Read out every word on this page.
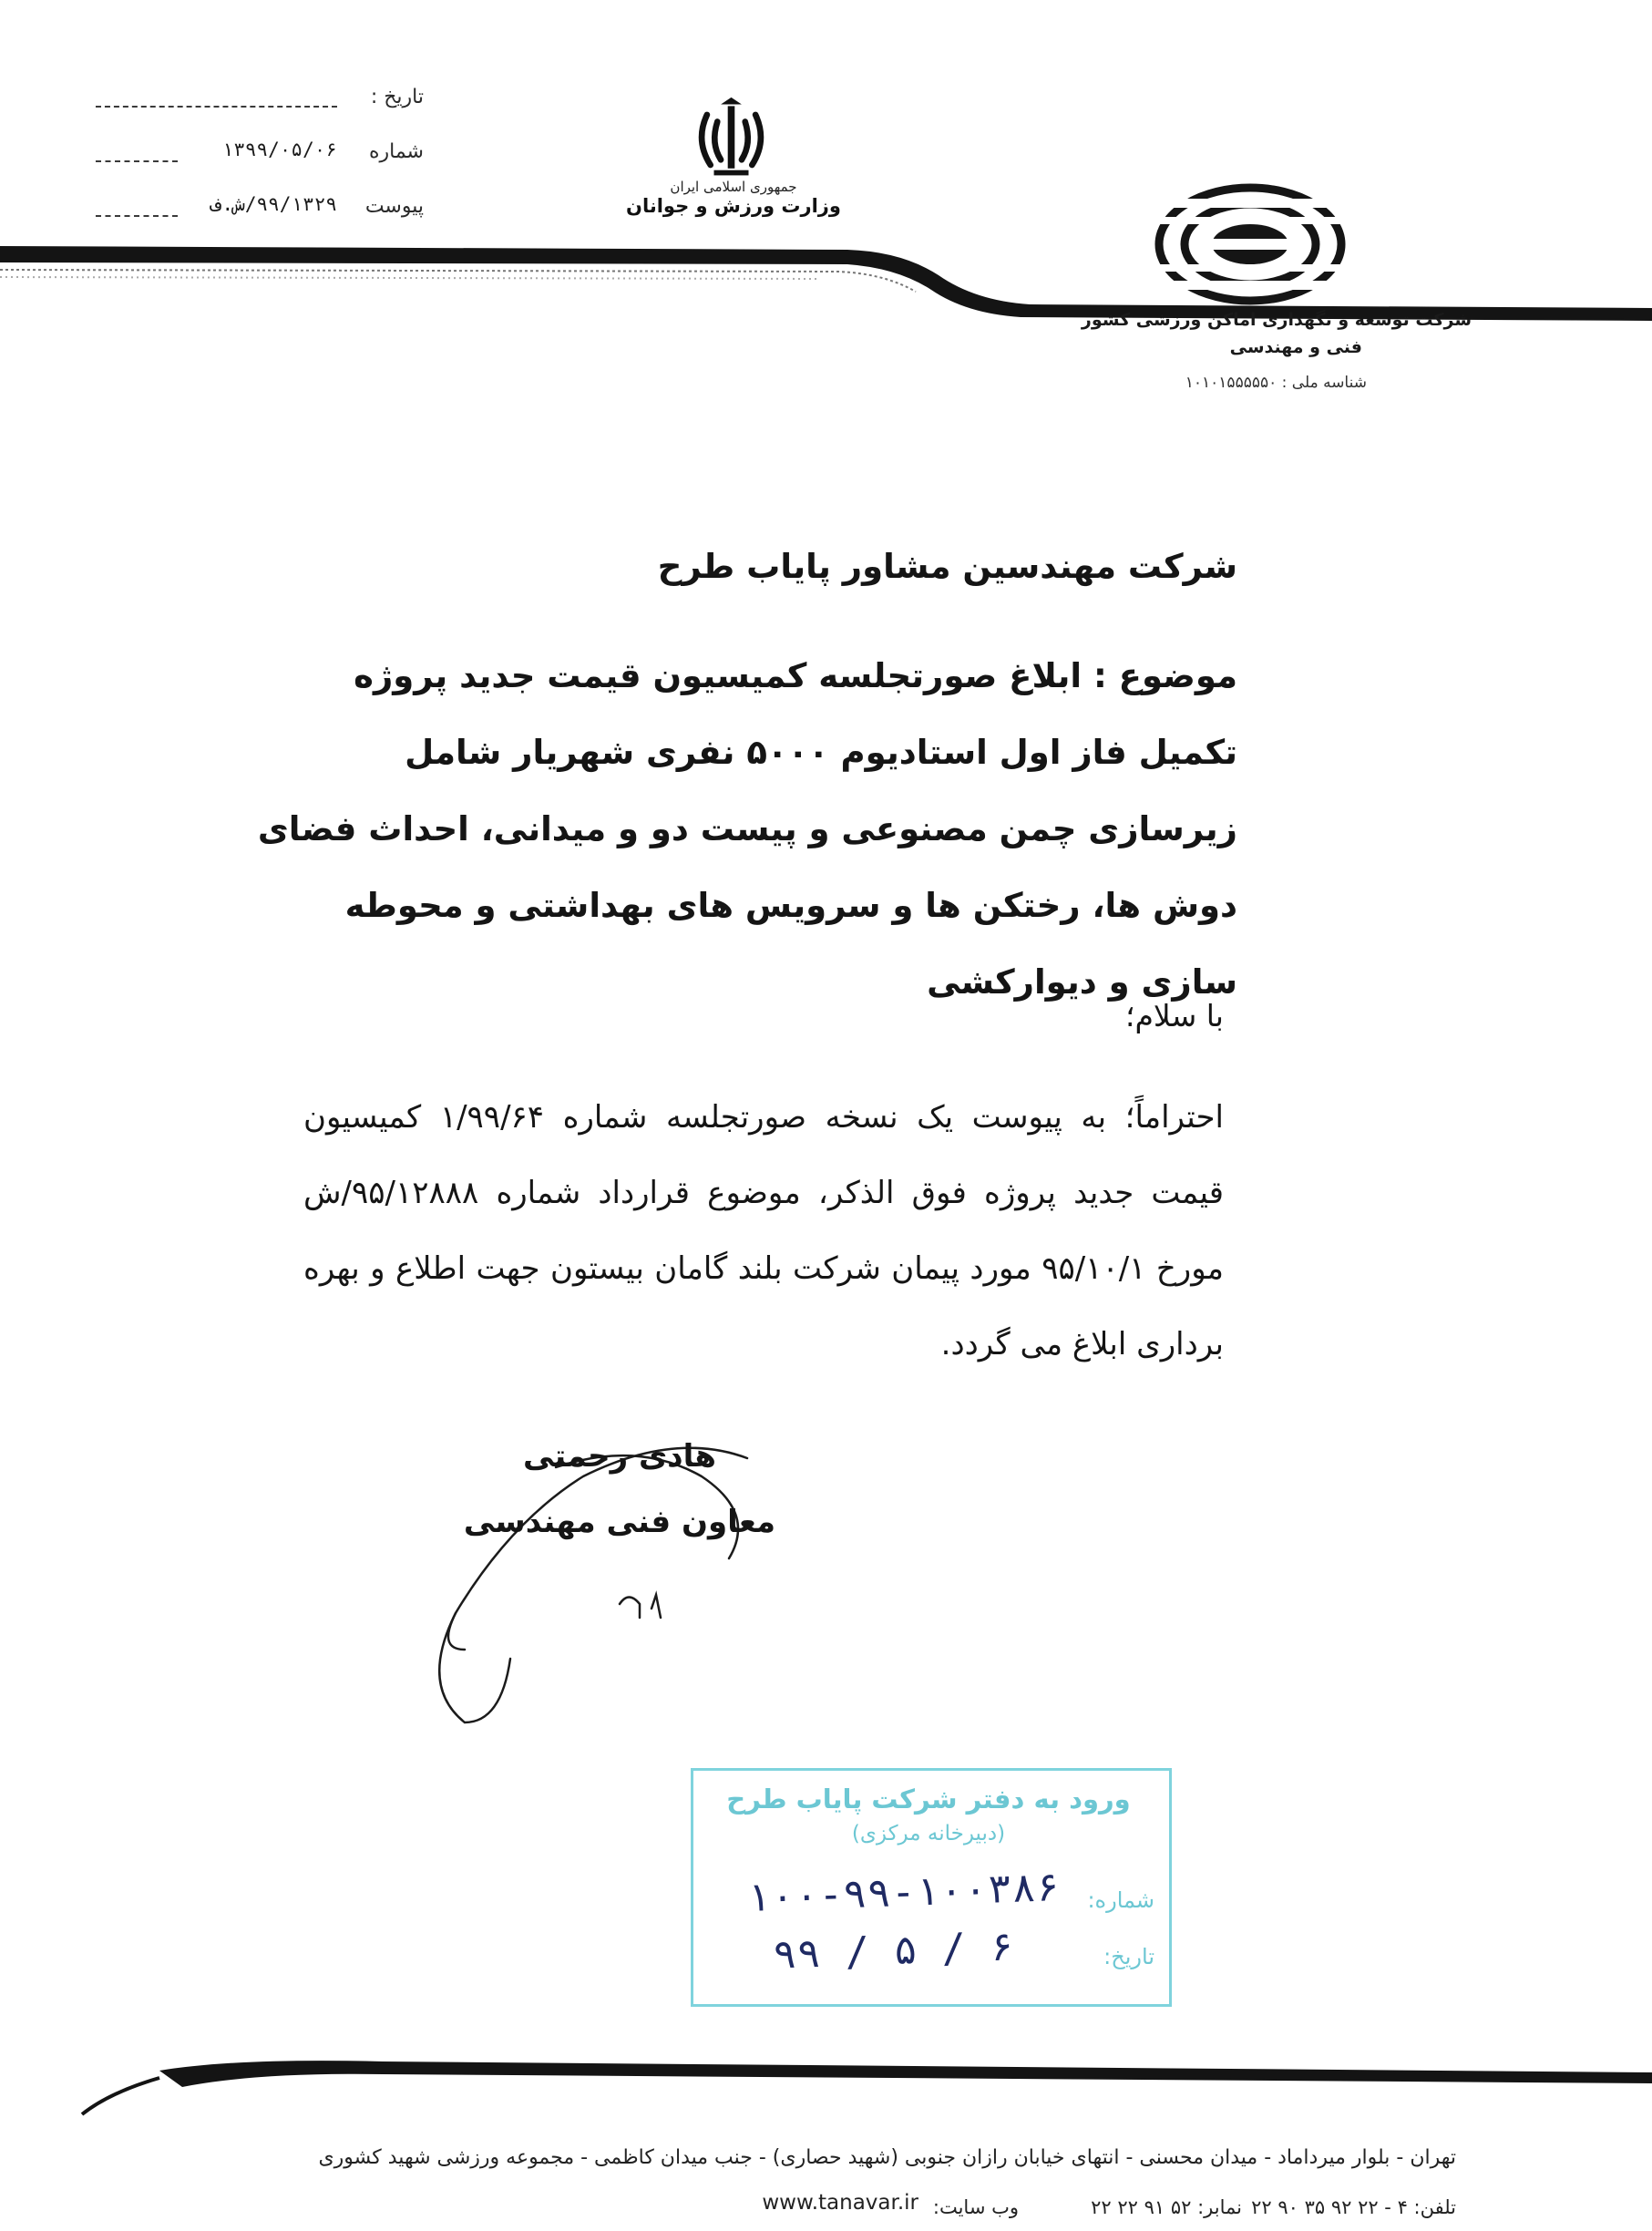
تاریخ :
شماره
۱۳۹۹/۰۵/۰۶
پیوست
۹۹/۱۳۲۹/ش.ف
جمهوری اسلامی ایران
وزارت ورزش و جوانان
شرکت توسعه و نگهداری اماکن ورزشی کشور
فنی و مهندسی
شناسه ملی : ۱۰۱۰۱۵۵۵۵۵۰
شرکت مهندسین مشاور پایاب طرح
موضوع : ابلاغ صورتجلسه کمیسیون قیمت جدید پروژه تکمیل فاز اول استادیوم ۵۰۰۰ نفری شهریار شامل زیرسازی چمن مصنوعی و پیست دو و میدانی، احداث فضای دوش ها، رختکن ها و سرویس های بهداشتی و محوطه سازی و دیوارکشی
با سلام؛
احتراماً؛ به پیوست یک نسخه صورتجلسه شماره ۱/۹۹/۶۴ کمیسیون قیمت جدید پروژه فوق الذکر، موضوع قرارداد شماره ۹۵/۱۲۸۸۸/ش مورخ ۹۵/۱۰/۱ مورد پیمان شرکت بلند گامان بیستون جهت اطلاع و بهره برداری ابلاغ می گردد.
هادی رحمتی
معاون فنی مهندسی
ورود به دفتر شرکت پایاب طرح
(دبیرخانه مرکزی)
شماره:
تاریخ:
۱۰۰-۹۹-۱۰۰۳۸۶
۹۹ / ۵ / ۶
تهران - بلوار میرداماد - میدان محسنی - انتهای خیابان رازان جنوبی (شهید حصاری) - جنب میدان کاظمی - مجموعه ورزشی شهید کشوری
تلفن: ۴ - ۲۲ ۹۲ ۳۵ ۹۰ ۲۲
نمابر: ۵۲ ۹۱ ۲۲ ۲۲
وب سایت:
www.tanavar.ir
